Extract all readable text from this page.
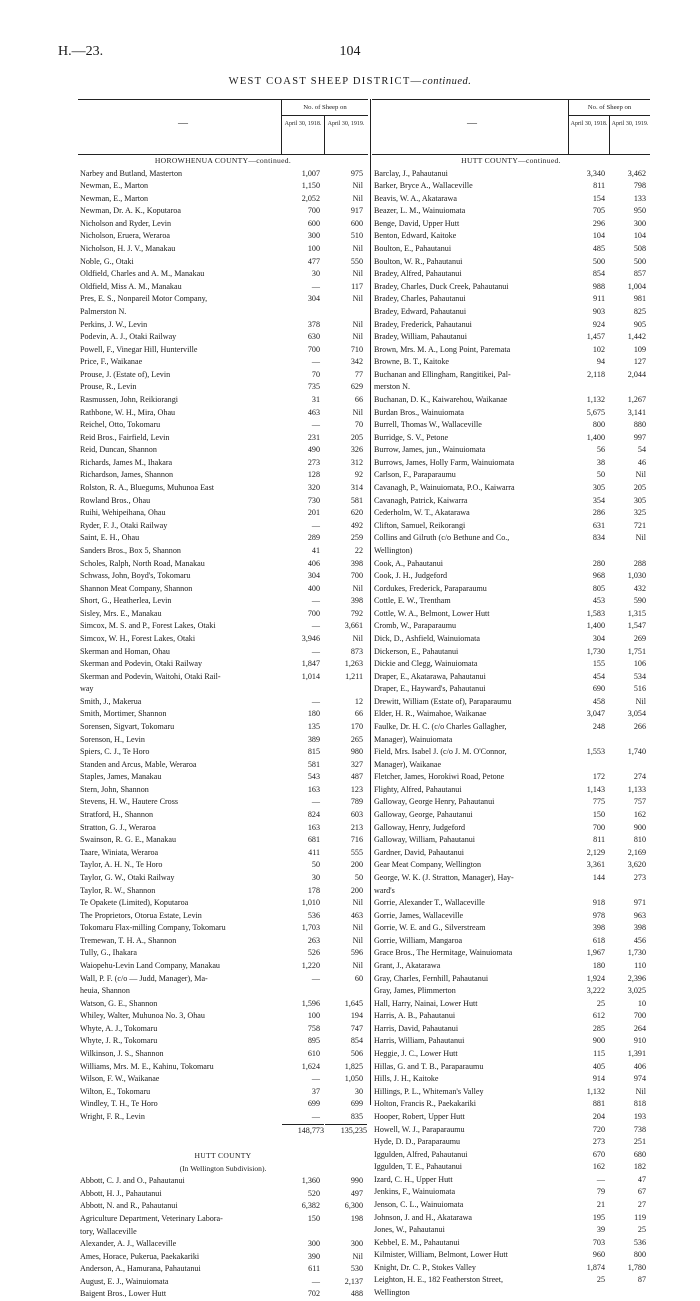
H.—23.	104
WEST COAST SHEEP DISTRICT—continued.
—
No. of Sheep on
April 30, 1918.	April 30, 1919.
HOROWHENUA COUNTY—continued.
Narbey and Butland, Masterton	1,007	975
Newman, E., Marton	1,150	Nil
Newman, E., Marton	2,052	Nil
Newman, Dr. A. K., Koputaroa	700	917
Nicholson and Ryder, Levin	600	600
Nicholson, Eruera, Weraroa	300	510
Nicholson, H. J. V., Manakau	100	Nil
Noble, G., Otaki	477	550
Oldfield, Charles and A. M., Manakau	30	Nil
Oldfield, Miss A. M., Manakau	—	117
Pres, E. S., Nonpareil Motor Company,	304	Nil
Palmerston N.
Perkins, J. W., Levin	378	Nil
Podevin, A. J., Otaki Railway	630	Nil
Powell, F., Vinegar Hill, Hunterville	700	710
Price, F., Waikanae	—	342
Prouse, J. (Estate of), Levin	70	77
Prouse, R., Levin	735	629
Rasmussen, John, Reikiorangi	31	66
Rathbone, W. H., Mira, Ohau	463	Nil
Reichel, Otto, Tokomaru	—	70
Reid Bros., Fairfield, Levin	231	205
Reid, Duncan, Shannon	490	326
Richards, James M., Ihakara	273	312
Richardson, James, Shannon	128	92
Rolston, R. A., Bluegums, Muhunoa East	320	314
Rowland Bros., Ohau	730	581
Ruihi, Wehipeihana, Ohau	201	620
Ryder, F. J., Otaki Railway	—	492
Saint, E. H., Ohau	289	259
Sanders Bros., Box 5, Shannon	41	22
Scholes, Ralph, North Road, Manakau	406	398
Schwass, John, Boyd's, Tokomaru	304	700
Shannon Meat Company, Shannon	400	Nil
Short, G., Heatherlea, Levin	—	398
Sisley, Mrs. E., Manakau	700	792
Simcox, M. S. and P., Forest Lakes, Otaki	—	3,661
Simcox, W. H., Forest Lakes, Otaki	3,946	Nil
Skerman and Homan, Ohau	—	873
Skerman and Podevin, Otaki Railway	1,847	1,263
Skerman and Podevin, Waitohi, Otaki Rail-	1,014	1,211
way
Smith, J., Makerua	—	12
Smith, Mortimer, Shannon	180	66
Sorensen, Sigvart, Tokomaru	135	170
Sorenson, H., Levin	389	265
Spiers, C. J., Te Horo	815	980
Standen and Arcus, Mable, Weraroa	581	327
Staples, James, Manakau	543	487
Stern, John, Shannon	163	123
Stevens, H. W., Hautere Cross	—	789
Stratford, H., Shannon	824	603
Stratton, G. J., Weraroa	163	213
Swainson, R. G. E., Manakau	681	716
Taare, Winiata, Weraroa	411	555
Taylor, A. H. N., Te Horo	50	200
Taylor, G. W., Otaki Railway	30	50
Taylor, R. W., Shannon	178	200
Te Opakete (Limited), Koputaroa	1,010	Nil
The Proprietors, Otorua Estate, Levin	536	463
Tokomaru Flax-milling Company, Tokomaru	1,703	Nil
Tremewan, T. H. A., Shannon	263	Nil
Tully, G., Ihakara	526	596
Waiopehu-Levin Land Company, Manakau	1,220	Nil
Wall, P. F. (c/o — Judd, Manager), Ma-	—	60
heuia, Shannon
Watson, G. E., Shannon	1,596	1,645
Whiley, Walter, Muhunoa No. 3, Ohau	100	194
Whyte, A. J., Tokomaru	758	747
Whyte, J. R., Tokomaru	895	854
Wilkinson, J. S., Shannon	610	506
Williams, Mrs. M. E., Kahinu, Tokomaru	1,624	1,825
Wilson, F. W., Waikanae	—	1,050
Wilton, E., Tokomaru	37	30
Windley, T. H., Te Horo	699	699
Wright, F. R., Levin	—	835
148,773	135,235
HUTT COUNTY
(In Wellington Subdivision).
Abbott, C. J. and O., Pahautanui	1,360	990
Abbott, H. J., Pahautanui	520	497
Abbott, N. and R., Pahautanui	6,382	6,300
Agriculture Department, Veterinary Labora-	150	198
tory, Wallaceville
Alexander, A. J., Wallaceville	300	300
Ames, Horace, Pukerua, Paekakariki	390	Nil
Anderson, A., Hamurana, Pahautanui	611	530
August, E. J., Wainuiomata	—	2,137
Baigent Bros., Lower Hutt	702	488
—
No. of Sheep on
April 30, 1918. April 30, 1919.
HUTT COUNTY—continued.
Barclay, J., Pahautanui	3,340	3,462
Barker, Bryce A., Wallaceville	811	798
Beavis, W. A., Akatarawa	154	133
Beazer, L. M., Wainuiomata	705	950
Benge, David, Upper Hutt	296	300
Benton, Edward, Kaitoke	104	104
Boulton, E., Pahautanui	485	508
Boulton, W. R., Pahautanui	500	500
Bradey, Alfred, Pahautanui	854	857
Bradey, Charles, Duck Creek, Pahautanui	988	1,004
Bradey, Charles, Pahautanui	911	981
Bradey, Edward, Pahautanui	903	825
Bradey, Frederick, Pahautanui	924	905
Bradey, William, Pahautanui	1,457	1,442
Brown, Mrs. M. A., Long Point, Paremata	102	109
Browne, B. T., Kaitoke	94	127
Buchanan and Ellingham, Rangitikei, Pal-	2,118	2,044
merston N.
Buchanan, D. K., Kaiwarehou, Waikanae	1,132	1,267
Burdan Bros., Wainuiomata	5,675	3,141
Burrell, Thomas W., Wallaceville	800	880
Burridge, S. V., Petone	1,400	997
Burrow, James, jun., Wainuiomata	56	54
Burrows, James, Holly Farm, Wainuiomata	38	46
Carlson, F., Paraparaumu	50	Nil
Cavanagh, P., Wainuiomata, P.O., Kaiwarra	305	205
Cavanagh, Patrick, Kaiwarra	354	305
Cederholm, W. T., Akatarawa	286	325
Clifton, Samuel, Reikorangi	631	721
Collins and Gilruth (c/o Bethune and Co.,	834	Nil
Wellington)
Cook, A., Pahautanui	280	288
Cook, J. H., Judgeford	968	1,030
Cordukes, Frederick, Paraparaumu	805	432
Cottle, E. W., Trentham	453	590
Cottle, W. A., Belmont, Lower Hutt	1,583	1,315
Cromb, W., Paraparaumu	1,400	1,547
Dick, D., Ashfield, Wainuiomata	304	269
Dickerson, E., Pahautanui	1,730	1,751
Dickie and Clegg, Wainuiomata	155	106
Draper, E., Akatarawa, Pahautanui	454	534
Draper, E., Hayward's, Pahautanui	690	516
Drewitt, William (Estate of), Paraparaumu	458	Nil
Elder, H. R., Waimahoe, Waikanae	3,047	3,054
Faulke, Dr. H. C. (c/o Charles Gallagher,	248	266
Manager), Wainuiomata
Field, Mrs. Isabel J. (c/o J. M. O'Connor,	1,553	1,740
Manager), Waikanae
Fletcher, James, Horokiwi Road, Petone	172	274
Flighty, Alfred, Pahautanui	1,143	1,133
Galloway, George Henry, Pahautanui	775	757
Galloway, George, Pahautanui	150	162
Galloway, Henry, Judgeford	700	900
Galloway, William, Pahautanui	811	810
Gardner, David, Pahautanui	2,129	2,169
Gear Meat Company, Wellington	3,361	3,620
George, W. K. (J. Stratton, Manager), Hay-	144	273
ward's
Gorrie, Alexander T., Wallaceville	918	971
Gorrie, James, Wallaceville	978	963
Gorrie, W. E. and G., Silverstream	398	398
Gorrie, William, Mangaroa	618	456
Grace Bros., The Hermitage, Wainuiomata	1,967	1,730
Grant, J., Akatarawa	180	110
Gray, Charles, Fernhill, Pahautanui	1,924	2,396
Gray, James, Plimmerton	3,222	3,025
Hall, Harry, Nainai, Lower Hutt	25	10
Harris, A. B., Pahautanui	612	700
Harris, David, Pahautanui	285	264
Harris, William, Pahautanui	900	910
Heggie, J. C., Lower Hutt	115	1,391
Hillas, G. and T. B., Paraparaumu	405	406
Hills, J. H., Kaitoke	914	974
Hillings, P. L., Whiteman's Valley	1,132	Nil
Holton, Francis R., Paekakariki	881	818
Hooper, Robert, Upper Hutt	204	193
Howell, W. J., Paraparaumu	720	738
Hyde, D. D., Paraparaumu	273	251
Iggulden, Alfred, Pahautanui	670	680
Iggulden, T. E., Pahautanui	162	182
Izard, C. H., Upper Hutt	—	47
Jenkins, F., Wainuiomata	79	67
Jenson, C. L., Wainuiomata	21	27
Johnson, J. and H., Akatarawa	195	119
Jones, W., Pahautanui	39	25
Kebbel, E. M., Pahautanui	703	536
Kilmister, William, Belmont, Lower Hutt	960	800
Knight, Dr. C. P., Stokes Valley	1,874	1,780
Leighton, H. E., 182 Featherston Street,	25	87
Wellington
